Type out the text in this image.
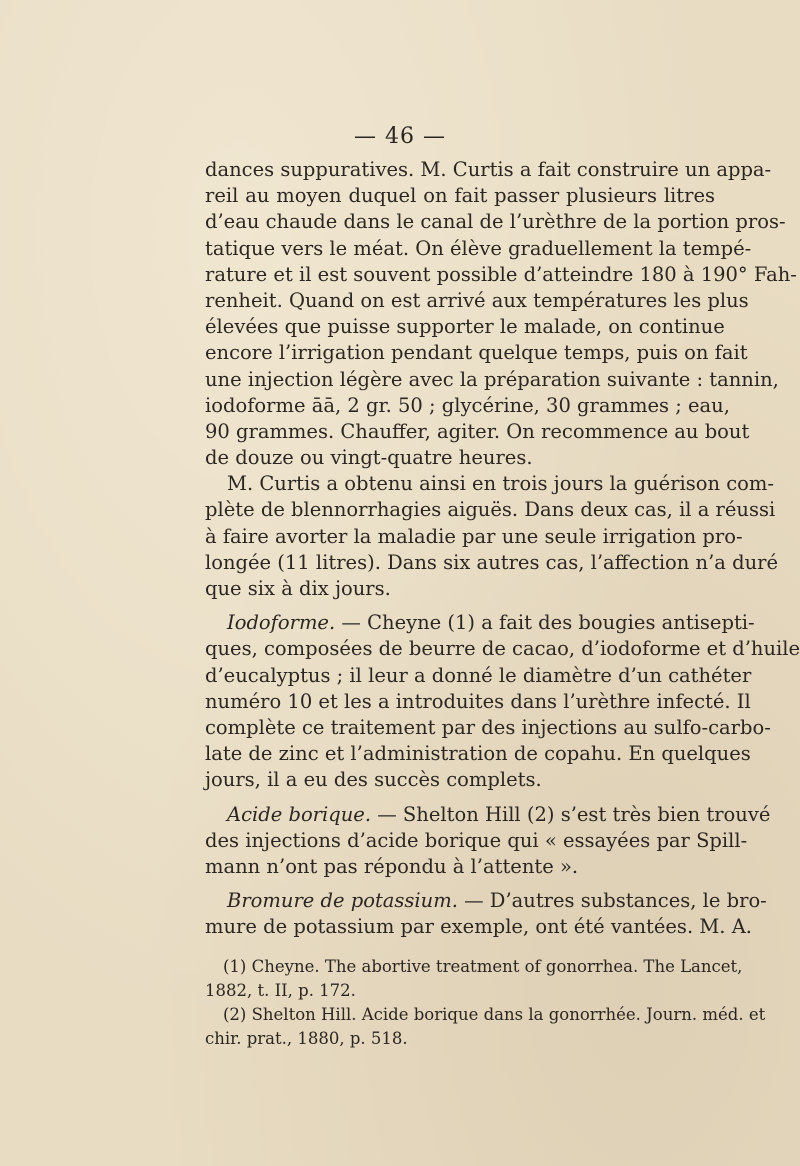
— 46 —
dances suppuratives. M. Curtis a fait construire un appa-
reil au moyen duquel on fait passer plusieurs litres
d’eau chaude dans le canal de l’urèthre de la portion pros-
tatique vers le méat. On élève graduellement la tempé-
rature et il est souvent possible d’atteindre 180 à 190° Fah-
renheit. Quand on est arrivé aux températures les plus
élevées que puisse supporter le malade, on continue
encore l’irrigation pendant quelque temps, puis on fait
une injection légère avec la préparation suivante : tannin,
iodoforme āā, 2 gr. 50 ; glycérine, 30 grammes ; eau,
90 grammes. Chauffer, agiter. On recommence au bout
de douze ou vingt-quatre heures.
M. Curtis a obtenu ainsi en trois jours la guérison com-
plète de blennorrhagies aiguës. Dans deux cas, il a réussi
à faire avorter la maladie par une seule irrigation pro-
longée (11 litres). Dans six autres cas, l’affection n’a duré
que six à dix jours.
Iodoforme. — Cheyne (1) a fait des bougies antisepti-
ques, composées de beurre de cacao, d’iodoforme et d’huile
d’eucalyptus ; il leur a donné le diamètre d’un cathéter
numéro 10 et les a introduites dans l’urèthre infecté. Il
complète ce traitement par des injections au sulfo-carbo-
late de zinc et l’administration de copahu. En quelques
jours, il a eu des succès complets.
Acide borique. — Shelton Hill (2) s’est très bien trouvé
des injections d’acide borique qui « essayées par Spill-
mann n’ont pas répondu à l’attente ».
Bromure de potassium. — D’autres substances, le bro-
mure de potassium par exemple, ont été vantées. M. A.
(1) Cheyne. The abortive treatment of gonorrhea. The Lancet,
1882, t. II, p. 172.
(2) Shelton Hill. Acide borique dans la gonorrhée. Journ. méd. et
chir. prat., 1880, p. 518.
